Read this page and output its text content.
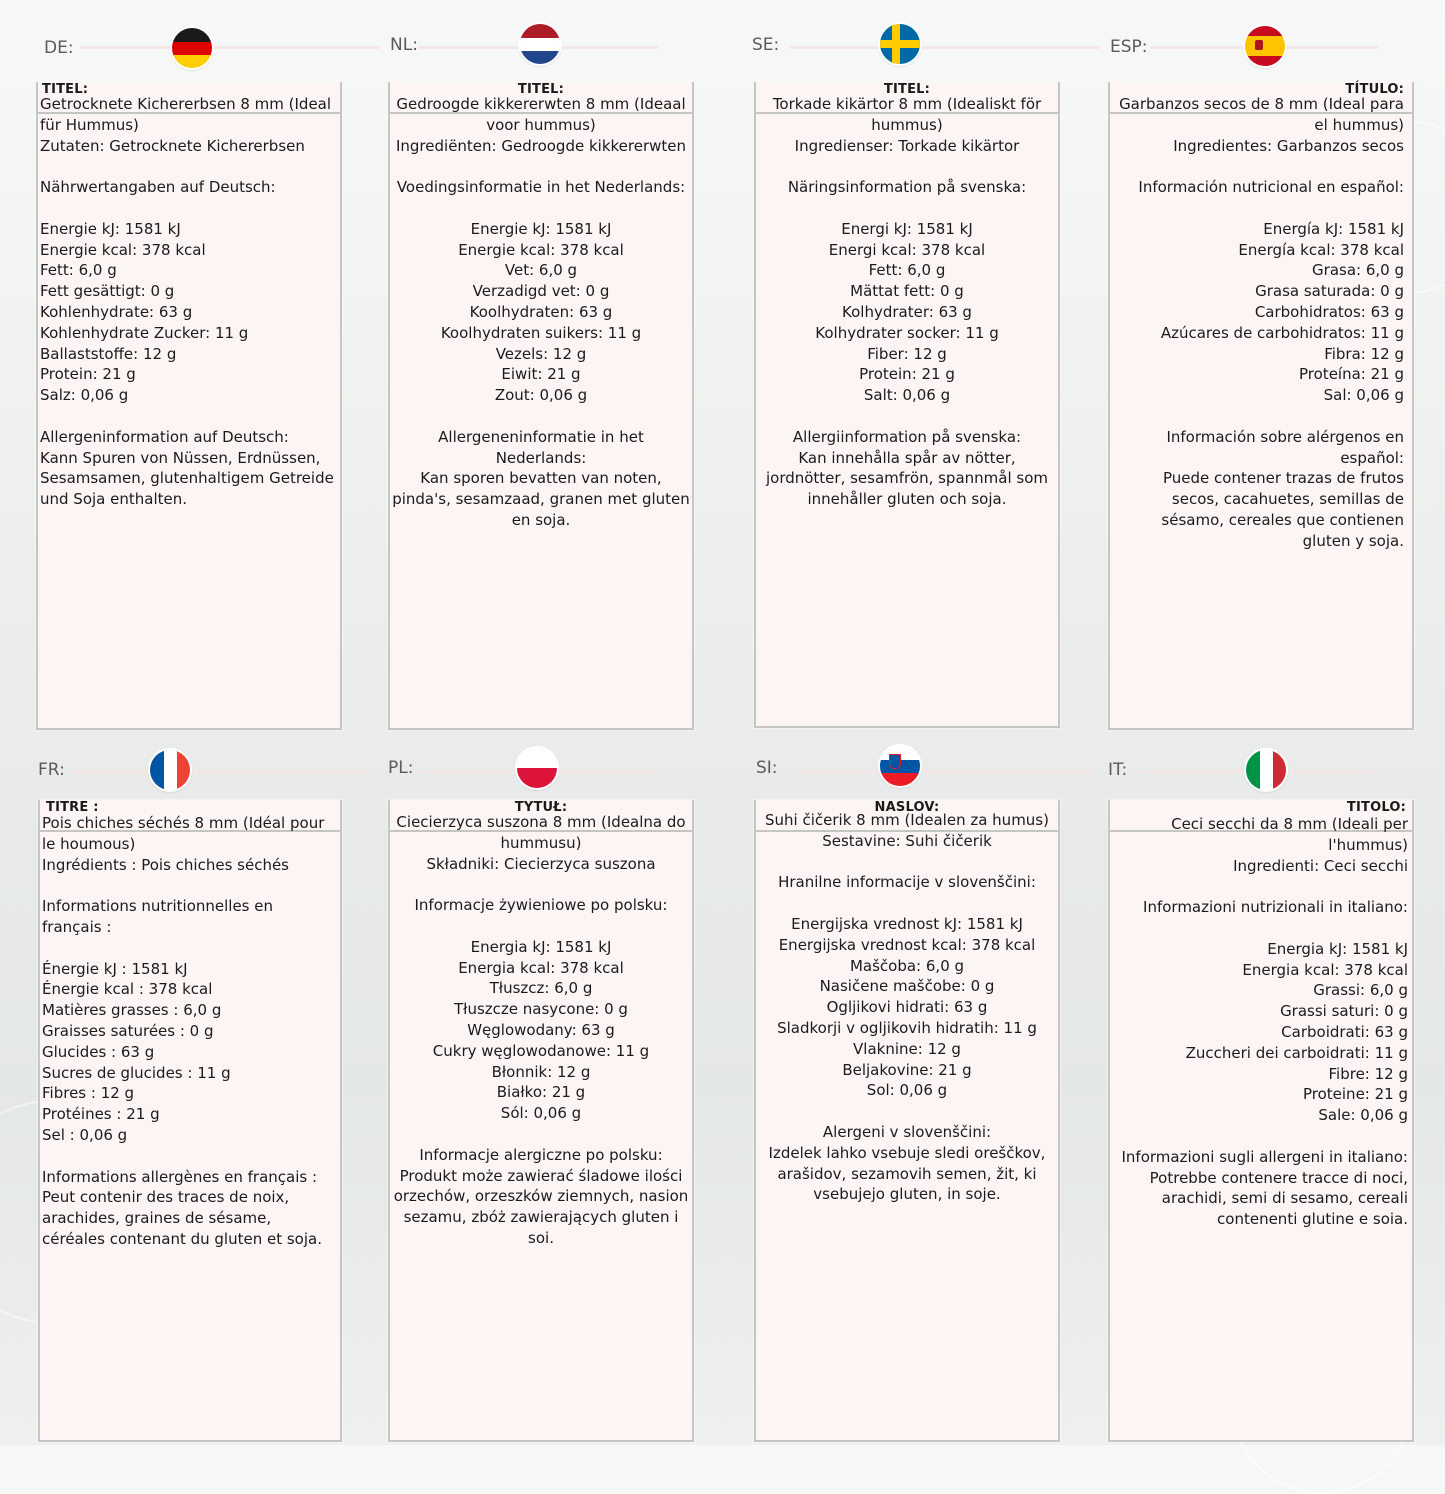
DE:
TITEL:
Getrocknete Kichererbsen 8 mm (Ideal für Hummus)
Zutaten: Getrocknete Kichererbsen

Nährwertangaben auf Deutsch:

Energie kJ: 1581 kJ
Energie kcal: 378 kcal
Fett: 6,0 g
Fett gesättigt: 0 g
Kohlenhydrate: 63 g
Kohlenhydrate Zucker: 11 g
Ballaststoffe: 12 g
Protein: 21 g
Salz: 0,06 g

Allergeninformation auf Deutsch:
Kann Spuren von Nüssen, Erdnüssen, Sesamsamen, glutenhaltigem Getreide und Soja enthalten.
NL:
TITEL:
Gedroogde kikkererwten 8 mm (Ideaal voor hummus)
Ingrediënten: Gedroogde kikkererwten

Voedingsinformatie in het Nederlands:

Energie kJ: 1581 kJ
Energie kcal: 378 kcal
Vet: 6,0 g
Verzadigd vet: 0 g
Koolhydraten: 63 g
Koolhydraten suikers: 11 g
Vezels: 12 g
Eiwit: 21 g
Zout: 0,06 g

Allergeneninformatie in het Nederlands:
Kan sporen bevatten van noten, pinda's, sesamzaad, granen met gluten en soja.
SE:
TITEL:
Torkade kikärtor 8 mm (Idealiskt för hummus)
Ingredienser: Torkade kikärtor

Näringsinformation på svenska:

Energi kJ: 1581 kJ
Energi kcal: 378 kcal
Fett: 6,0 g
Mättat fett: 0 g
Kolhydrater: 63 g
Kolhydrater socker: 11 g
Fiber: 12 g
Protein: 21 g
Salt: 0,06 g

Allergiinformation på svenska:
Kan innehålla spår av nötter, jordnötter, sesamfrön, spannmål som innehåller gluten och soja.
ESP:
TÍTULO:
Garbanzos secos de 8 mm (Ideal para el hummus)
Ingredientes: Garbanzos secos

Información nutricional en español:

Energía kJ: 1581 kJ
Energía kcal: 378 kcal
Grasa: 6,0 g
Grasa saturada: 0 g
Carbohidratos: 63 g
Azúcares de carbohidratos: 11 g
Fibra: 12 g
Proteína: 21 g
Sal: 0,06 g

Información sobre alérgenos en español:
Puede contener trazas de frutos secos, cacahuetes, semillas de sésamo, cereales que contienen gluten y soja.
FR:
TITRE :
Pois chiches séchés 8 mm (Idéal pour le houmous)
Ingrédients : Pois chiches séchés

Informations nutritionnelles en français :

Énergie kJ : 1581 kJ
Énergie kcal : 378 kcal
Matières grasses : 6,0 g
Graisses saturées : 0 g
Glucides : 63 g
Sucres de glucides : 11 g
Fibres : 12 g
Protéines : 21 g
Sel : 0,06 g

Informations allergènes en français :
Peut contenir des traces de noix, arachides, graines de sésame, céréales contenant du gluten et soja.
PL:
TYTUŁ:
Ciecierzyca suszona 8 mm (Idealna do hummusu)
Składniki: Ciecierzyca suszona

Informacje żywieniowe po polsku:

Energia kJ: 1581 kJ
Energia kcal: 378 kcal
Tłuszcz: 6,0 g
Tłuszcze nasycone: 0 g
Węglowodany: 63 g
Cukry węglowodanowe: 11 g
Błonnik: 12 g
Białko: 21 g
Sól: 0,06 g

Informacje alergiczne po polsku:
Produkt może zawierać śladowe ilości orzechów, orzeszków ziemnych, nasion sezamu, zbóż zawierających gluten i soi.
SI:
NASLOV:
Suhi čičerik 8 mm (Idealen za humus)
Sestavine: Suhi čičerik

Hranilne informacije v slovenščini:

Energijska vrednost kJ: 1581 kJ
Energijska vrednost kcal: 378 kcal
Maščoba: 6,0 g
Nasičene maščobe: 0 g
Ogljikovi hidrati: 63 g
Sladkorji v ogljikovih hidratih: 11 g
Vlaknine: 12 g
Beljakovine: 21 g
Sol: 0,06 g

Alergeni v slovenščini:
Izdelek lahko vsebuje sledi oreščkov, arašidov, sezamovih semen, žit, ki vsebujejo gluten, in soje.
IT:
TITOLO:
Ceci secchi da 8 mm (Ideali per l'hummus)
Ingredienti: Ceci secchi

Informazioni nutrizionali in italiano:

Energia kJ: 1581 kJ
Energia kcal: 378 kcal
Grassi: 6,0 g
Grassi saturi: 0 g
Carboidrati: 63 g
Zuccheri dei carboidrati: 11 g
Fibre: 12 g
Proteine: 21 g
Sale: 0,06 g

Informazioni sugli allergeni in italiano:
Potrebbe contenere tracce di noci, arachidi, semi di sesamo, cereali contenenti glutine e soia.
